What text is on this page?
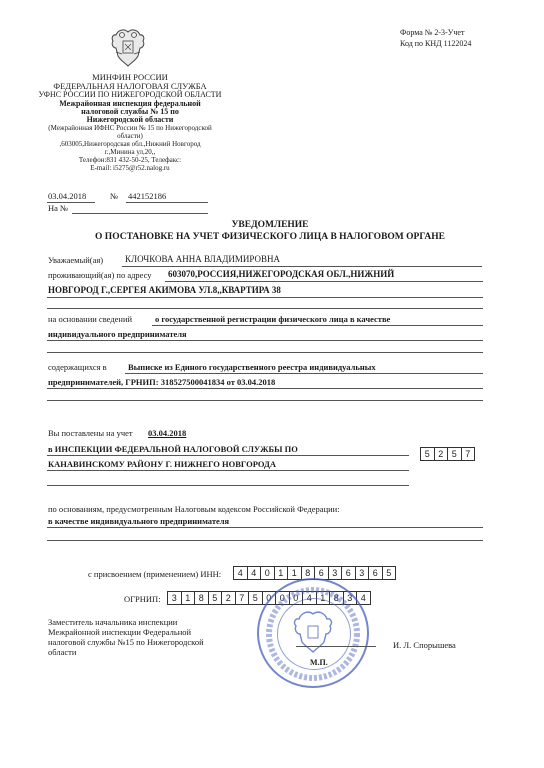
Форма № 2-3-Учет
Код по КНД 1122024
МИНФИН РОССИИ
ФЕДЕРАЛЬНАЯ НАЛОГОВАЯ СЛУЖБА
УФНС РОССИИ ПО НИЖЕГОРОДСКОЙ ОБЛАСТИ
Межрайонная инспекция федеральной
налоговой службы № 15 по
Нижегородской области
(Межрайонная ИФНС России № 15 по Нижегородской
области)
,603005,Нижегородская обл.,Нижний Новгород
г.,Минина ул,20,,
Телефон:831 432-50-25, Телефакс:
E-mail: i5275@r52.nalog.ru
03.04.2018	№ 442152186
На №
УВЕДОМЛЕНИЕ
О ПОСТАНОВКЕ НА УЧЕТ ФИЗИЧЕСКОГО ЛИЦА В НАЛОГОВОМ ОРГАНЕ
Уважаемый(ая) КЛОЧКОВА АННА ВЛАДИМИРОВНА
проживающий(ая) по адресу 603070,РОССИЯ,НИЖЕГОРОДСКАЯ ОБЛ.,НИЖНИЙ
НОВГОРОД Г.,СЕРГЕЯ АКИМОВА УЛ.8,,КВАРТИРА 38
на основании сведений	о государственной регистрации физического лица в качестве
индивидуального предпринимателя
содержащихся в	Выписке из Единого государственного реестра индивидуальных
предпринимателей, ГРНИП: 318527500041834 от 03.04.2018
Вы поставлены на учет 03.04.2018
в ИНСПЕКЦИИ ФЕДЕРАЛЬНОЙ НАЛОГОВОЙ СЛУЖБЫ ПО
КАНАВИНСКОМУ РАЙОНУ Г. НИЖНЕГО НОВГОРОДА
5 2 5 7
по основаниям, предусмотренным Налоговым кодексом Российской Федерации:
в качестве индивидуального предпринимателя
с присвоением (применением) ИНН:	4 4 0 1 1 8 6 3 6 3 6 5
ОГРНИП:	3 1 8 5 2 7 5 0 0 0 4 1 8 3 4
Заместитель начальника инспекции
Межрайонной инспекции Федеральной
налоговой службы №15 по Нижегородской
области
М.П.
И. Л. Спорышева
